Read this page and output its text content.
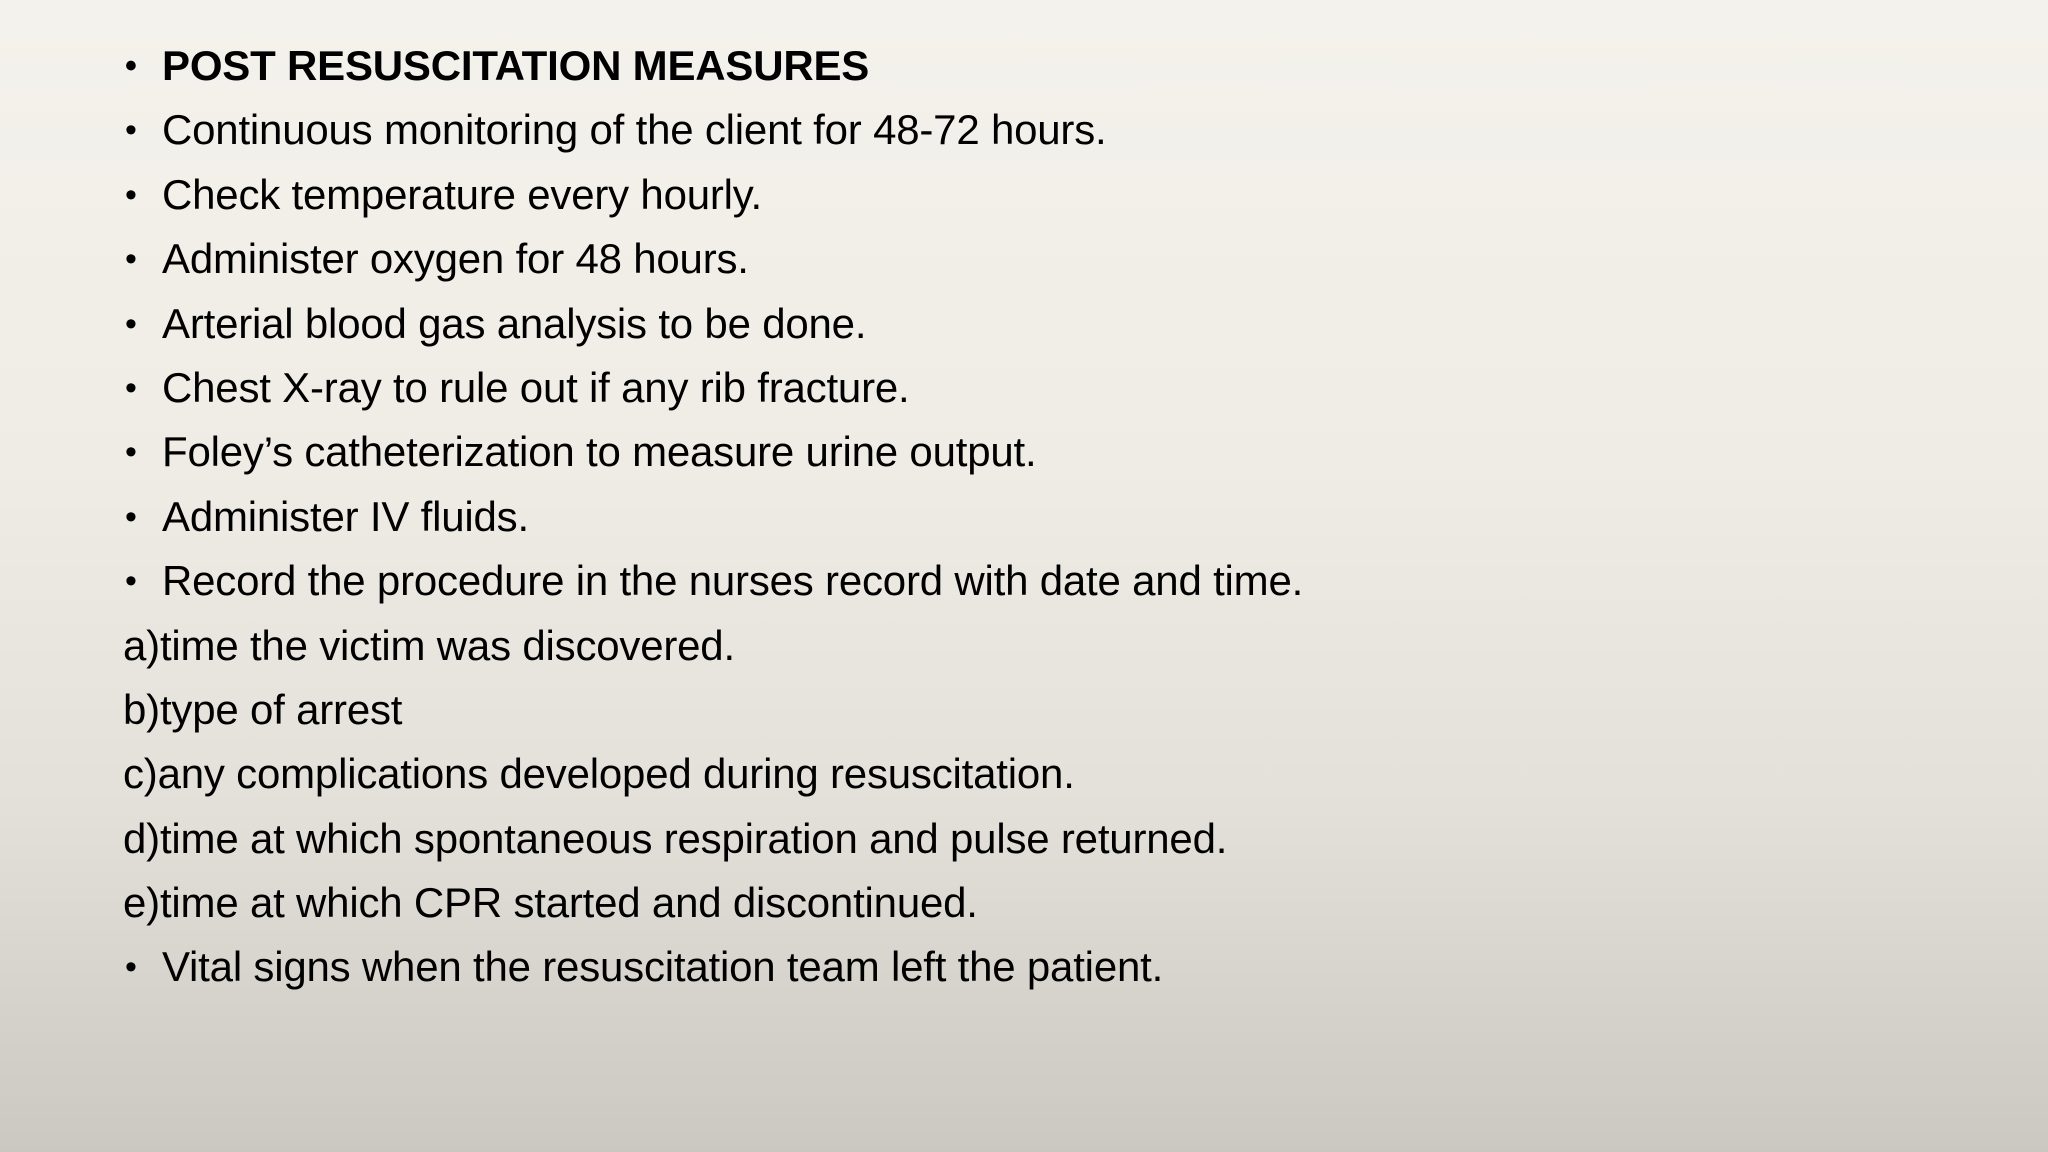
• POST RESUSCITATION MEASURES
• Continuous monitoring of the client for 48-72 hours.
• Check temperature every hourly.
• Administer oxygen for 48 hours.
• Arterial blood gas analysis to be done.
• Chest X-ray to rule out if any rib fracture.
• Foley’s catheterization to measure urine output.
• Administer IV fluids.
• Record the procedure in the nurses record with date and time.
a)time the victim was discovered.
b)type of arrest
c)any complications developed during resuscitation.
d)time at which spontaneous respiration and pulse returned.
e)time at which CPR started and discontinued.
• Vital signs when the resuscitation team left the patient.
